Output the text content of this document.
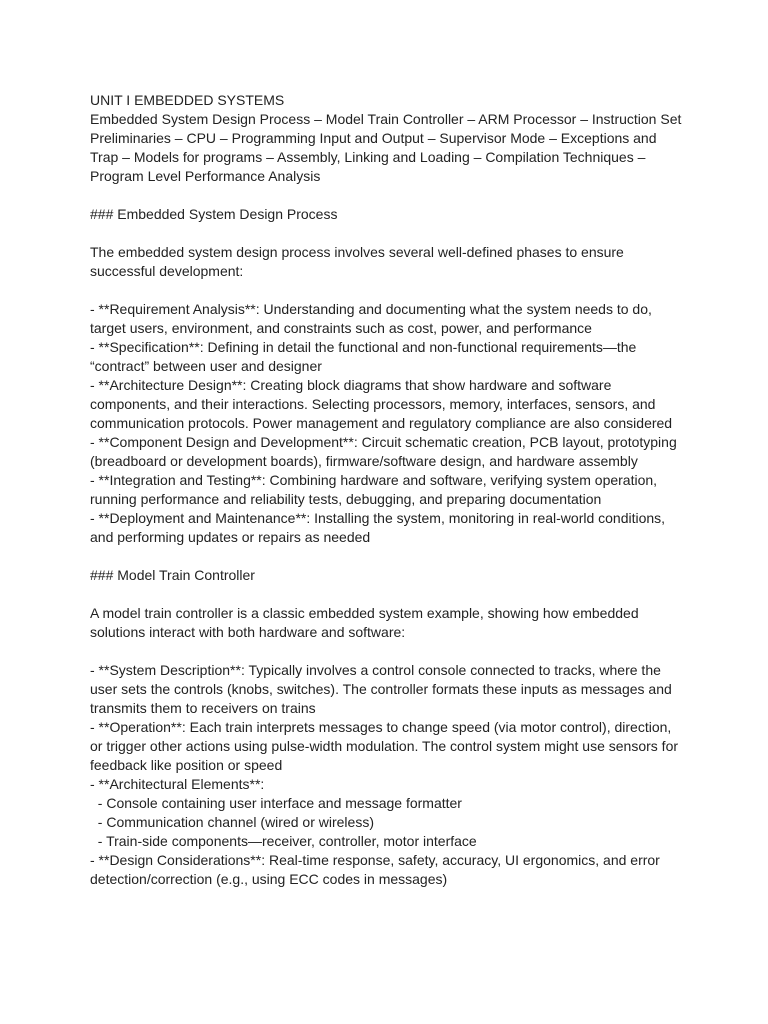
UNIT I EMBEDDED SYSTEMS
Embedded System Design Process – Model Train Controller – ARM Processor – Instruction Set
Preliminaries – CPU – Programming Input and Output – Supervisor Mode – Exceptions and
Trap – Models for programs – Assembly, Linking and Loading – Compilation Techniques –
Program Level Performance Analysis
### Embedded System Design Process
The embedded system design process involves several well-defined phases to ensure
successful development:
- **Requirement Analysis**: Understanding and documenting what the system needs to do,
target users, environment, and constraints such as cost, power, and performance
- **Specification**: Defining in detail the functional and non-functional requirements—the
“contract” between user and designer
- **Architecture Design**: Creating block diagrams that show hardware and software
components, and their interactions. Selecting processors, memory, interfaces, sensors, and
communication protocols. Power management and regulatory compliance are also considered
- **Component Design and Development**: Circuit schematic creation, PCB layout, prototyping
(breadboard or development boards), firmware/software design, and hardware assembly
- **Integration and Testing**: Combining hardware and software, verifying system operation,
running performance and reliability tests, debugging, and preparing documentation
- **Deployment and Maintenance**: Installing the system, monitoring in real-world conditions,
and performing updates or repairs as needed
### Model Train Controller
A model train controller is a classic embedded system example, showing how embedded
solutions interact with both hardware and software:
- **System Description**: Typically involves a control console connected to tracks, where the
user sets the controls (knobs, switches). The controller formats these inputs as messages and
transmits them to receivers on trains
- **Operation**: Each train interprets messages to change speed (via motor control), direction,
or trigger other actions using pulse-width modulation. The control system might use sensors for
feedback like position or speed
- **Architectural Elements**:
- Console containing user interface and message formatter
- Communication channel (wired or wireless)
- Train-side components—receiver, controller, motor interface
- **Design Considerations**: Real-time response, safety, accuracy, UI ergonomics, and error
detection/correction (e.g., using ECC codes in messages)
